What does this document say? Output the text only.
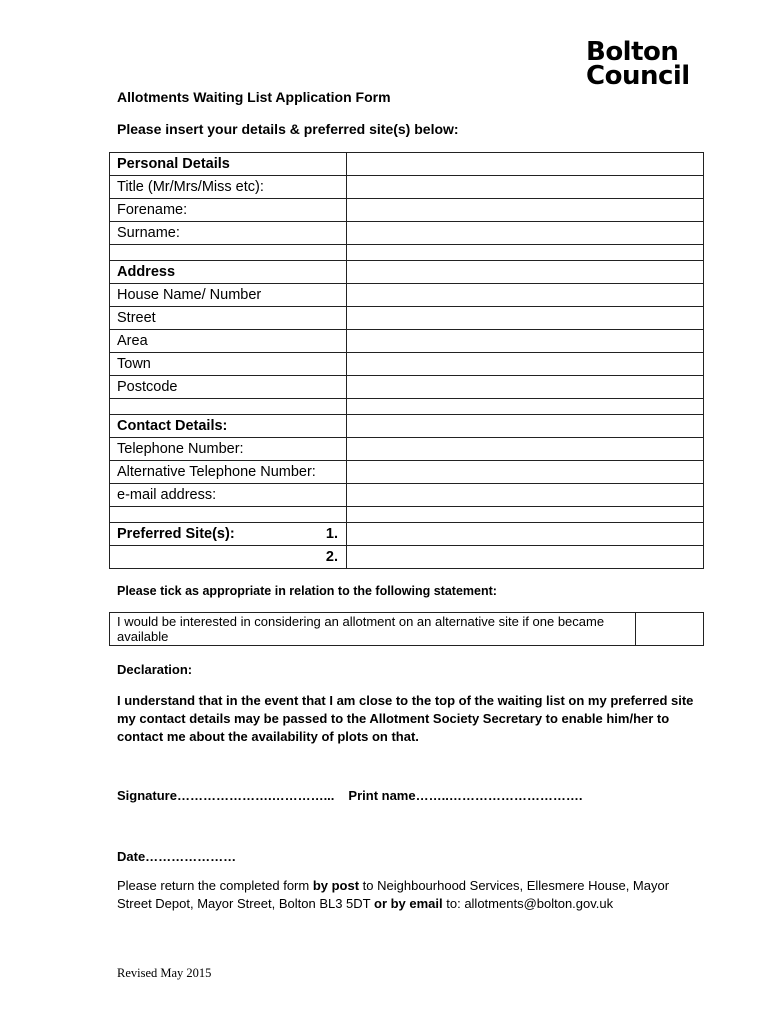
Bolton
Council
Allotments Waiting List Application Form
Please insert your details & preferred site(s) below:
Personal Details	
Title (Mr/Mrs/Miss etc):	
Forename:	
Surname:	

Address	
House Name/ Number	
Street	
Area	
Town	
Postcode	

Contact Details:	
Telephone Number:	
Alternative Telephone Number:	
e-mail address:	

Preferred Site(s): 1.	

2.	

Please tick as appropriate in relation to the following statement:
I would be interested in considering an allotment on an alternative site if one became available	
Declaration:
I understand that in the event that I am close to the top of the waiting list on my preferred site my contact details may be passed to the Allotment Society Secretary to enable him/her to contact me about the availability of plots on that.
Signature………………….…………... Print name……..………………………….
Date…………………
Please return the completed form by post to Neighbourhood Services, Ellesmere House, Mayor Street Depot, Mayor Street, Bolton BL3 5DT or by email to: allotments@bolton.gov.uk
Revised May 2015
